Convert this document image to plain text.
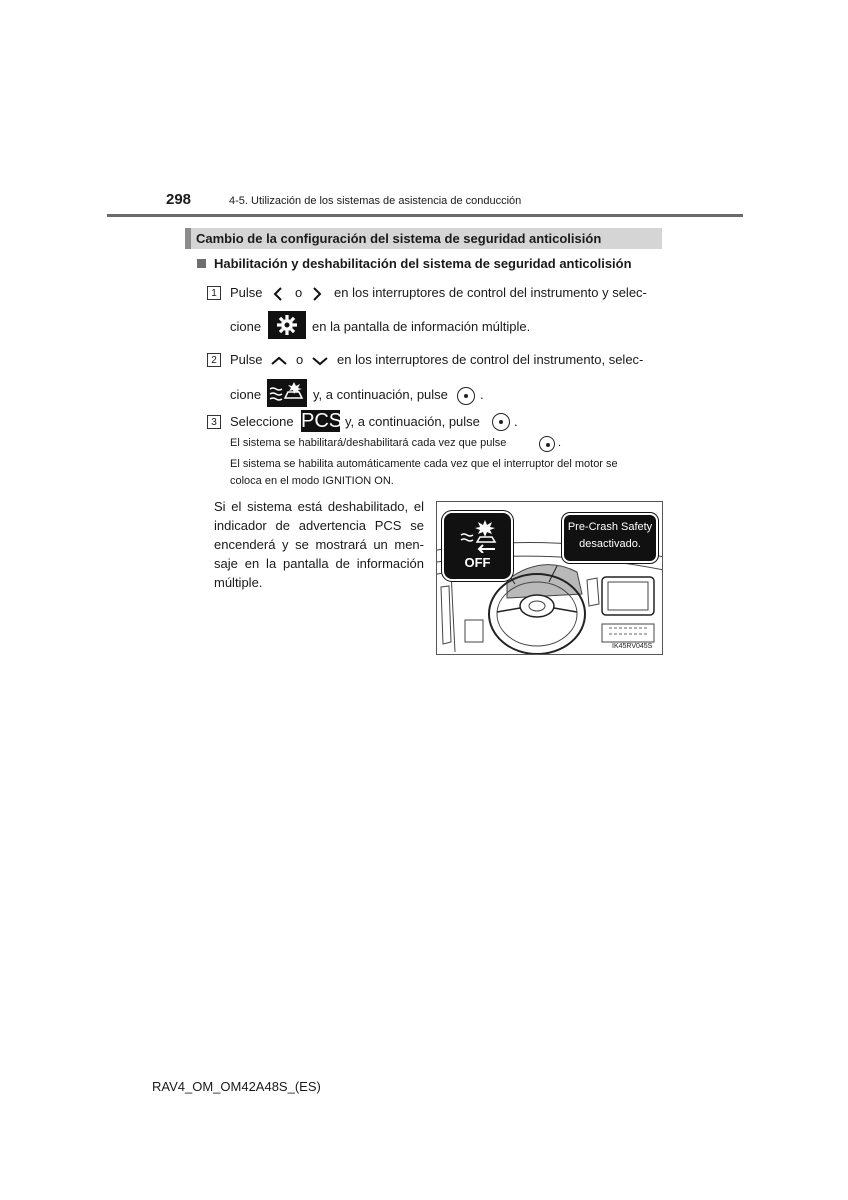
298	4-5. Utilización de los sistemas de asistencia de conducción
Cambio de la configuración del sistema de seguridad anticolisión
Habilitación y deshabilitación del sistema de seguridad anticolisión
1	Pulse o en los interruptores de control del instrumento y selec-
cione	en la pantalla de información múltiple.
2	Pulse	o	en los interruptores de control del instrumento, selec-
cione	y, a continuación, pulse .
3	Seleccione PCS y, a continuación, pulse	.
El sistema se habilitará/deshabilitará cada vez que pulse	.
El sistema se habilita automáticamente cada vez que el interruptor del motor se
coloca en el modo IGNITION ON.
Si el sistema está deshabilitado, el
indicador de advertencia PCS se
encenderá y se mostrará un men-
saje en la pantalla de información
múltiple.
OFF
Pre-Crash Safety
desactivado.
IK45RV045S
RAV4_OM_OM42A48S_(ES)
